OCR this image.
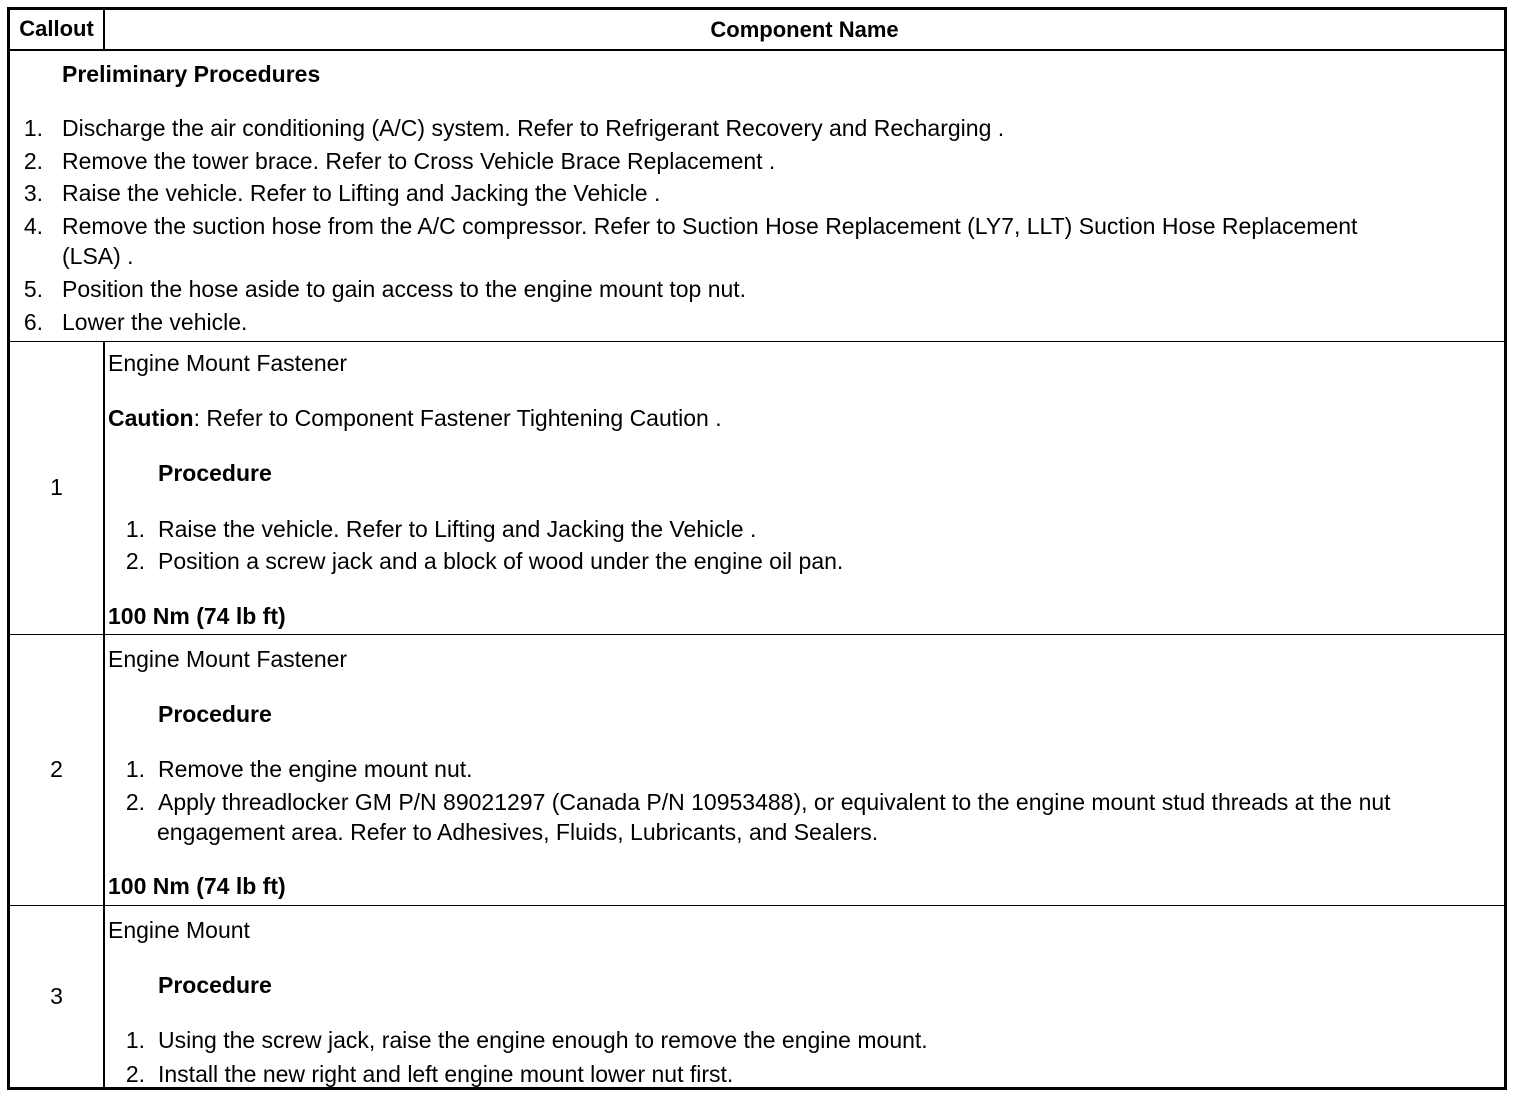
Callout	Component Name
Preliminary Procedures
1. Discharge the air conditioning (A/C) system. Refer to Refrigerant Recovery and Recharging .
2. Remove the tower brace. Refer to Cross Vehicle Brace Replacement .
3. Raise the vehicle. Refer to Lifting and Jacking the Vehicle .
4. Remove the suction hose from the A/C compressor. Refer to Suction Hose Replacement (LY7, LLT) Suction Hose Replacement
(LSA) .
5. Position the hose aside to gain access to the engine mount top nut.
6. Lower the vehicle.
1
Engine Mount Fastener
Caution: Refer to Component Fastener Tightening Caution .
Procedure
1. Raise the vehicle. Refer to Lifting and Jacking the Vehicle .
2. Position a screw jack and a block of wood under the engine oil pan.
100 Nm (74 lb ft)
2
Engine Mount Fastener
Procedure
1. Remove the engine mount nut.
2. Apply threadlocker GM P/N 89021297 (Canada P/N 10953488), or equivalent to the engine mount stud threads at the nut
engagement area. Refer to Adhesives, Fluids, Lubricants, and Sealers.
100 Nm (74 lb ft)
3
Engine Mount
Procedure
1. Using the screw jack, raise the engine enough to remove the engine mount.
2. Install the new right and left engine mount lower nut first.
